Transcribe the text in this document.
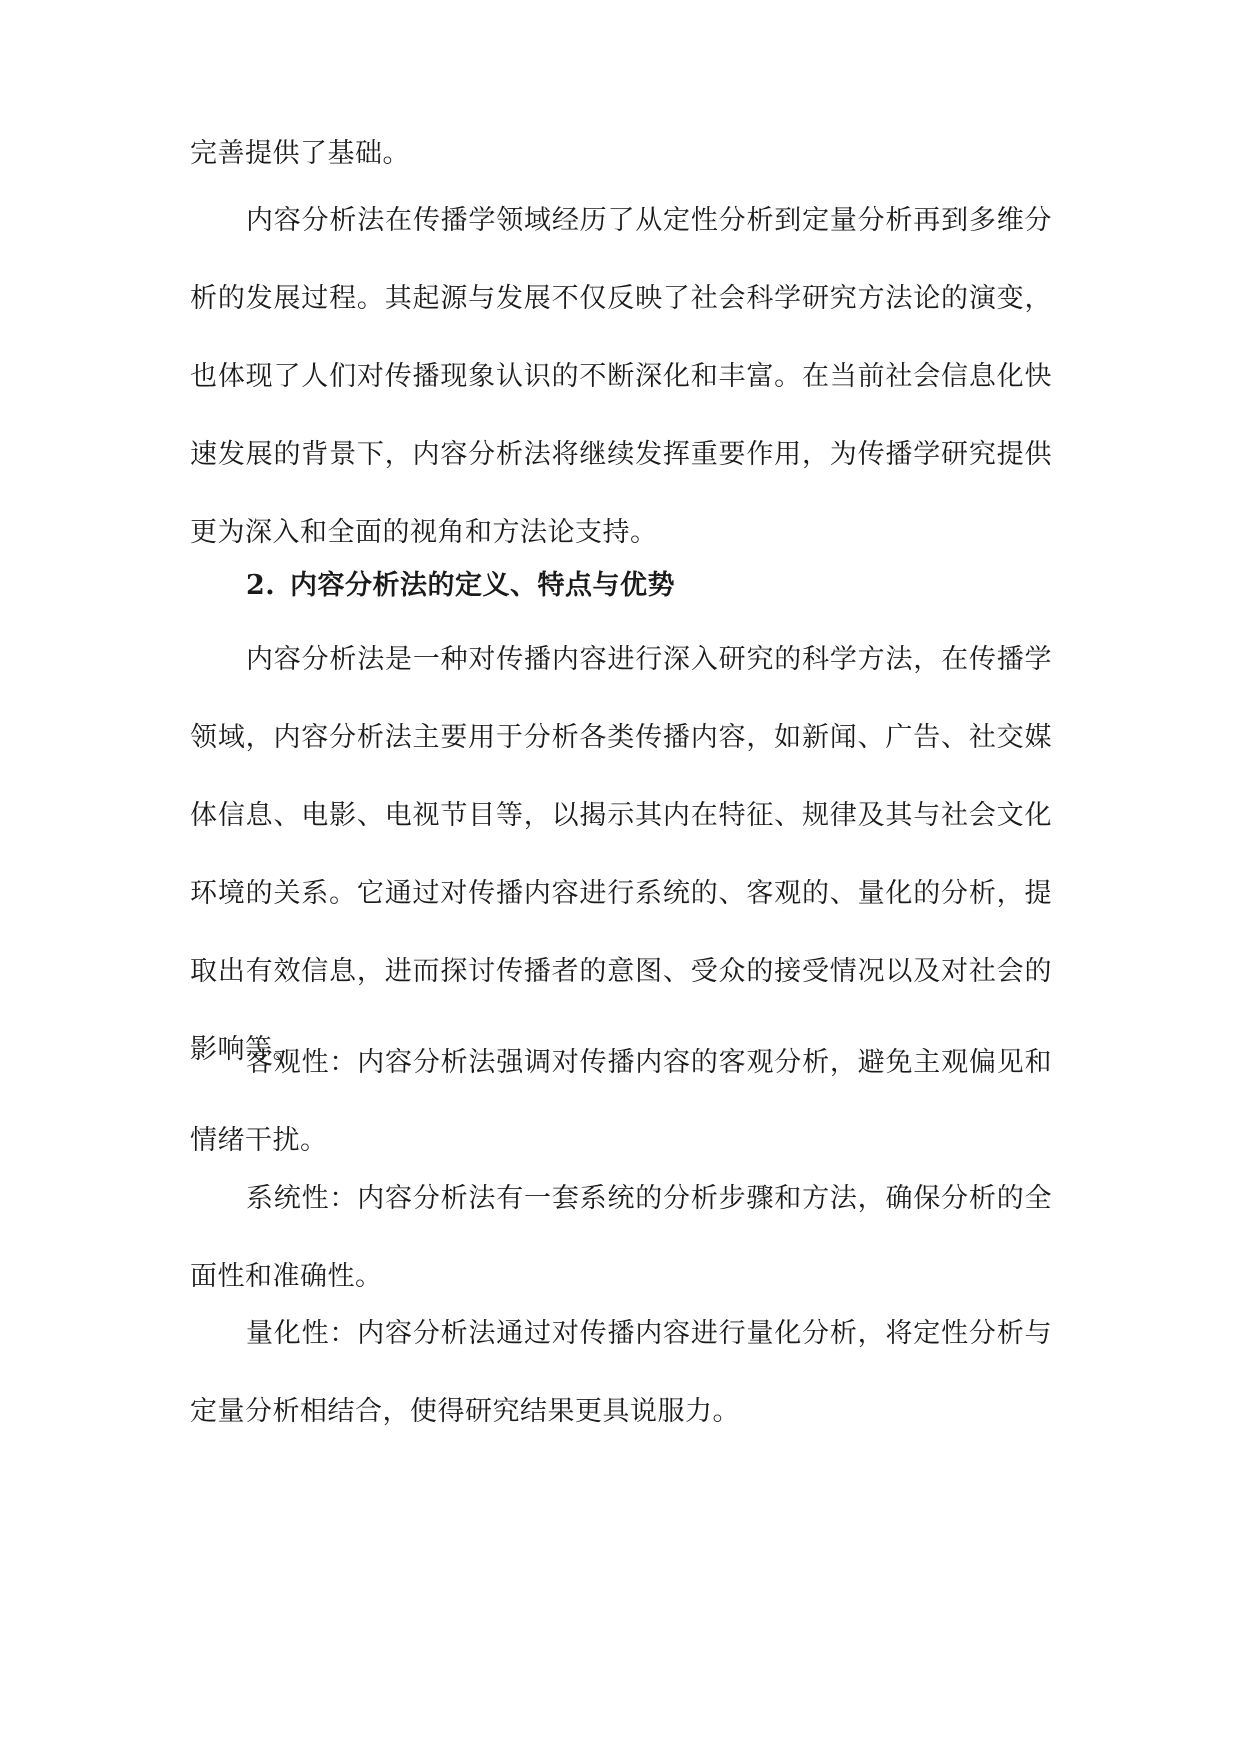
完善提供了基础。

内容分析法在传播学领域经历了从定性分析到定量分析再到多维分析的发展过程。其起源与发展不仅反映了社会科学研究方法论的演变，也体现了人们对传播现象认识的不断深化和丰富。在当前社会信息化快速发展的背景下，内容分析法将继续发挥重要作用，为传播学研究提供更为深入和全面的视角和方法论支持。

2. 内容分析法的定义、特点与优势

内容分析法是一种对传播内容进行深入研究的科学方法，在传播学领域，内容分析法主要用于分析各类传播内容，如新闻、广告、社交媒体信息、电影、电视节目等，以揭示其内在特征、规律及其与社会文化环境的关系。它通过对传播内容进行系统的、客观的、量化的分析，提取出有效信息，进而探讨传播者的意图、受众的接受情况以及对社会的影响等。

客观性：内容分析法强调对传播内容的客观分析，避免主观偏见和情绪干扰。

系统性：内容分析法有一套系统的分析步骤和方法，确保分析的全面性和准确性。

量化性：内容分析法通过对传播内容进行量化分析，将定性分析与定量分析相结合，使得研究结果更具说服力。
